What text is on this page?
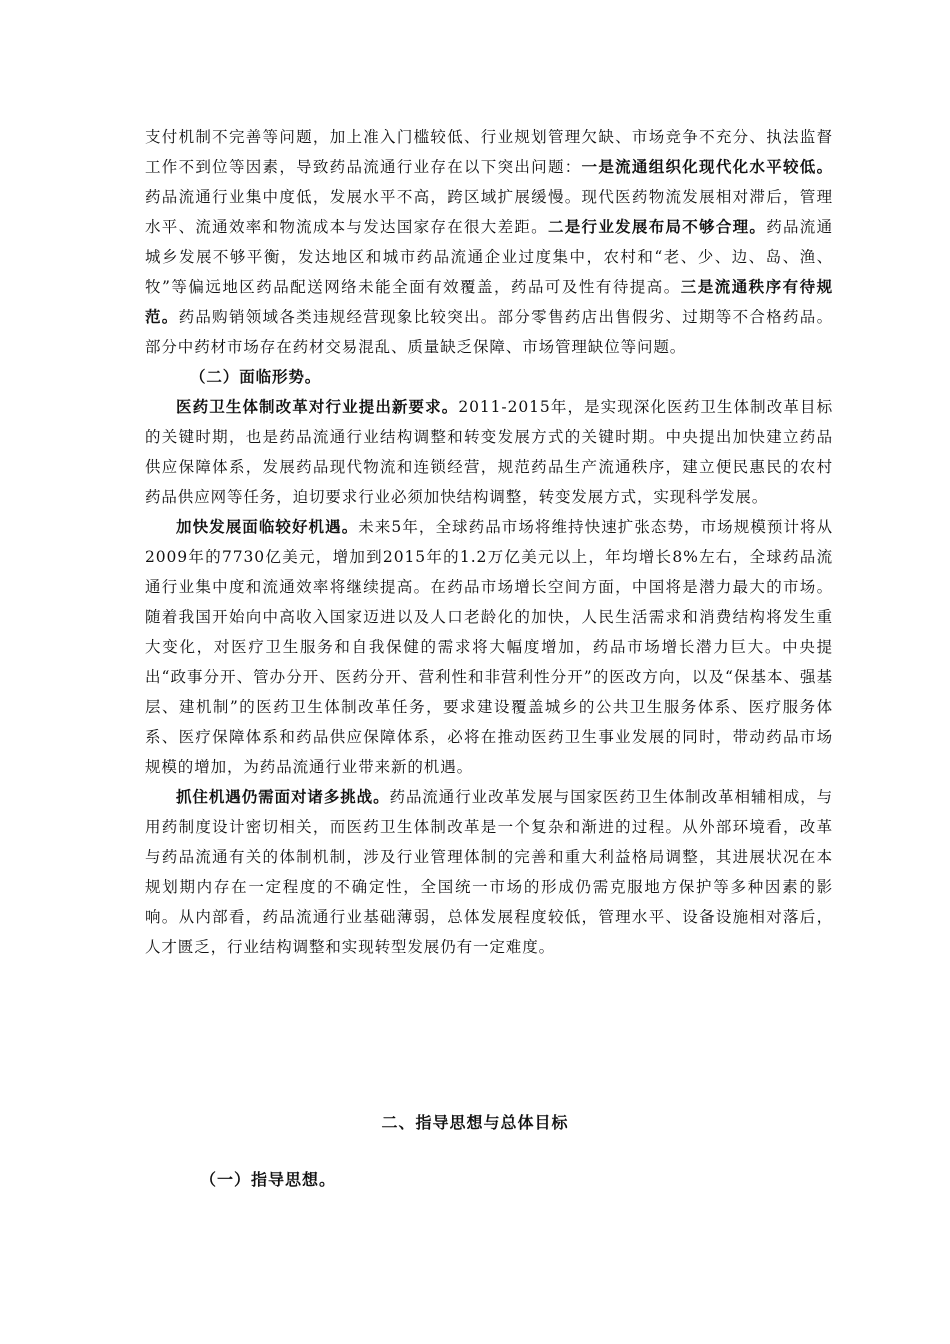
支付机制不完善等问题，加上准入门槛较低、行业规划管理欠缺、市场竞争不充分、执法监督工作不到位等因素，导致药品流通行业存在以下突出问题：一是流通组织化现代化水平较低。药品流通行业集中度低，发展水平不高，跨区域扩展缓慢。现代医药物流发展相对滞后，管理水平、流通效率和物流成本与发达国家存在很大差距。二是行业发展布局不够合理。药品流通城乡发展不够平衡，发达地区和城市药品流通企业过度集中，农村和“老、少、边、岛、渔、牧”等偏远地区药品配送网络未能全面有效覆盖，药品可及性有待提高。三是流通秩序有待规范。药品购销领域各类违规经营现象比较突出。部分零售药店出售假劣、过期等不合格药品。部分中药材市场存在药材交易混乱、质量缺乏保障、市场管理缺位等问题。

（二）面临形势。

医药卫生体制改革对行业提出新要求。2011-2015年，是实现深化医药卫生体制改革目标的关键时期，也是药品流通行业结构调整和转变发展方式的关键时期。中央提出加快建立药品供应保障体系，发展药品现代物流和连锁经营，规范药品生产流通秩序，建立便民惠民的农村药品供应网等任务，迫切要求行业必须加快结构调整，转变发展方式，实现科学发展。

加快发展面临较好机遇。未来5年，全球药品市场将维持快速扩张态势，市场规模预计将从2009年的7730亿美元，增加到2015年的1.2万亿美元以上，年均增长8%左右，全球药品流通行业集中度和流通效率将继续提高。在药品市场增长空间方面，中国将是潜力最大的市场。随着我国开始向中高收入国家迈进以及人口老龄化的加快，人民生活需求和消费结构将发生重大变化，对医疗卫生服务和自我保健的需求将大幅度增加，药品市场增长潜力巨大。中央提出“政事分开、管办分开、医药分开、营利性和非营利性分开”的医改方向，以及“保基本、强基层、建机制”的医药卫生体制改革任务，要求建设覆盖城乡的公共卫生服务体系、医疗服务体系、医疗保障体系和药品供应保障体系，必将在推动医药卫生事业发展的同时，带动药品市场规模的增加，为药品流通行业带来新的机遇。

抓住机遇仍需面对诸多挑战。药品流通行业改革发展与国家医药卫生体制改革相辅相成，与用药制度设计密切相关，而医药卫生体制改革是一个复杂和渐进的过程。从外部环境看，改革与药品流通有关的体制机制，涉及行业管理体制的完善和重大利益格局调整，其进展状况在本规划期内存在一定程度的不确定性，全国统一市场的形成仍需克服地方保护等多种因素的影响。从内部看，药品流通行业基础薄弱，总体发展程度较低，管理水平、设备设施相对落后，人才匮乏，行业结构调整和实现转型发展仍有一定难度。

二、指导思想与总体目标
（一）指导思想。
